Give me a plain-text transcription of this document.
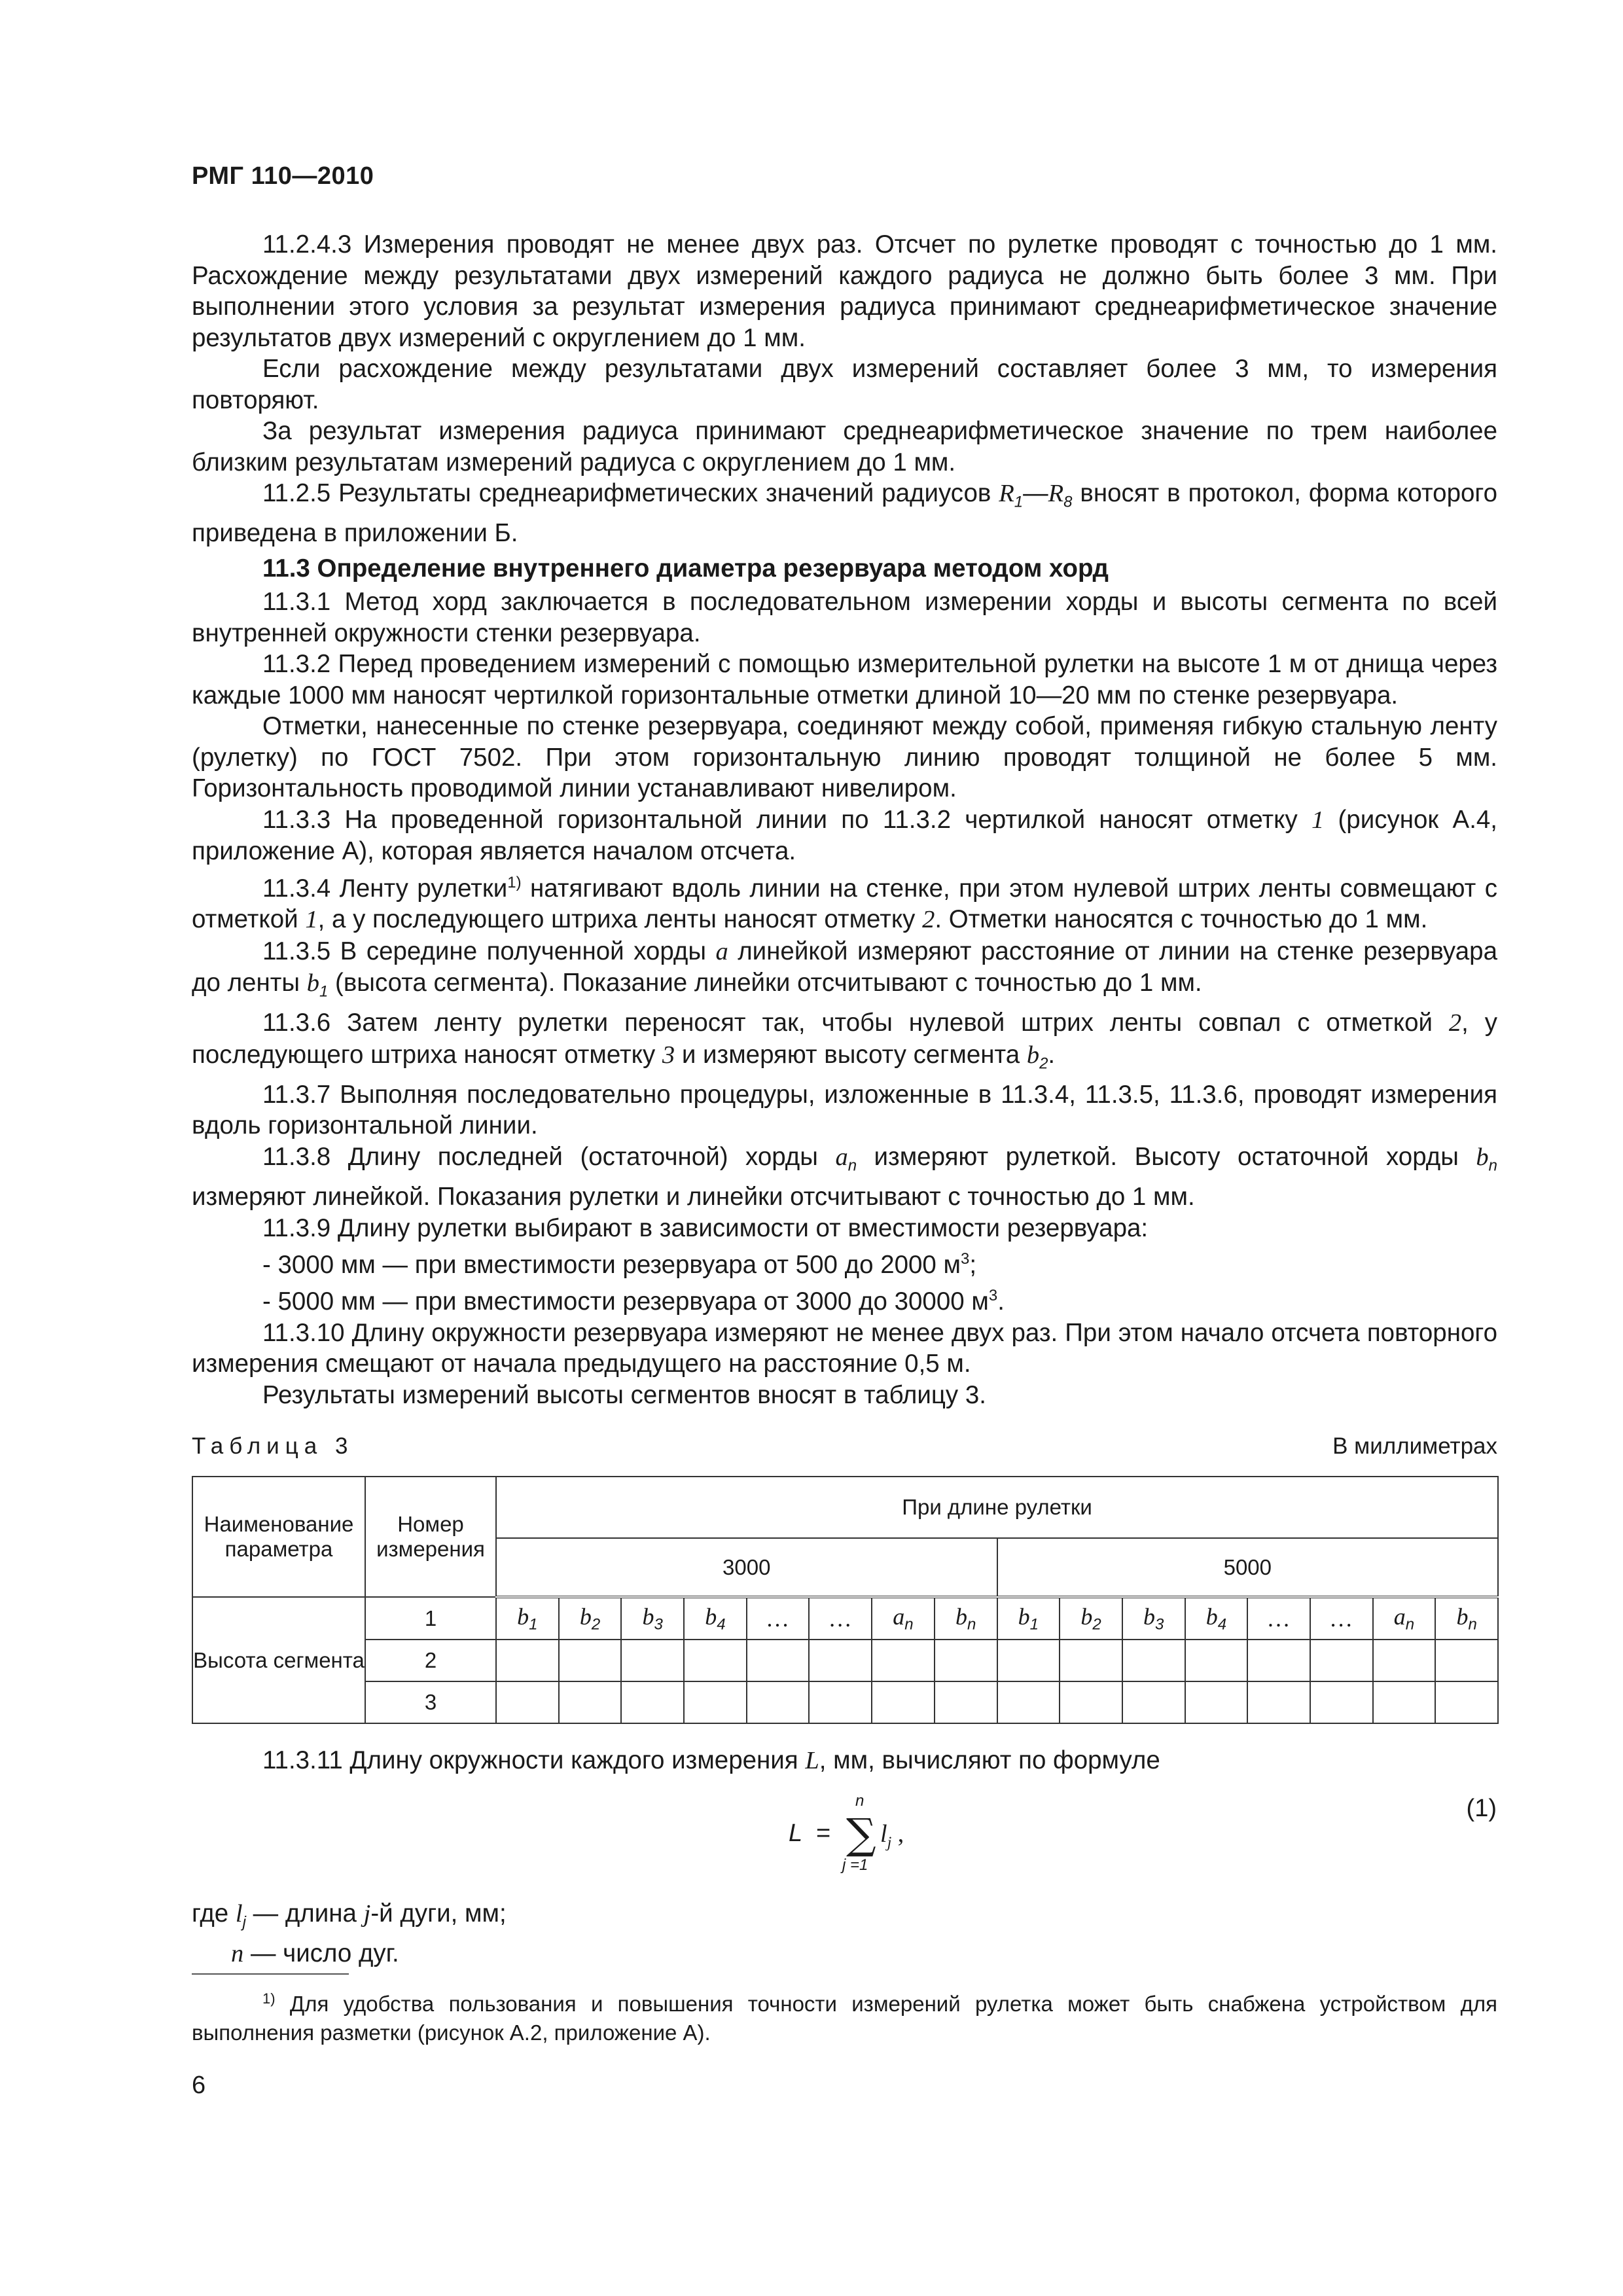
РМГ 110—2010

11.2.4.3 Измерения проводят не менее двух раз. Отсчет по рулетке проводят с точностью до 1 мм. Расхождение между результатами двух измерений каждого радиуса не должно быть более 3 мм. При выполнении этого условия за результат измерения радиуса принимают среднеарифметическое значение результатов двух измерений с округлением до 1 мм.

Если расхождение между результатами двух измерений составляет более 3 мм, то измерения повторяют.

За результат измерения радиуса принимают среднеарифметическое значение по трем наиболее близким результатам измерений радиуса с округлением до 1 мм.

11.2.5 Результаты среднеарифметических значений радиусов $R_1—R_8$ вносят в протокол, форма которого приведена в приложении Б.

11.3 Определение внутреннего диаметра резервуара методом хорд

11.3.1 Метод хорд заключается в последовательном измерении хорды и высоты сегмента по всей внутренней окружности стенки резервуара.

11.3.2 Перед проведением измерений с помощью измерительной рулетки на высоте 1 м от днища через каждые 1000 мм наносят чертилкой горизонтальные отметки длиной 10—20 мм по стенке резервуара.

Отметки, нанесенные по стенке резервуара, соединяют между собой, применяя гибкую стальную ленту (рулетку) по ГОСТ 7502. При этом горизонтальную линию проводят толщиной не более 5 мм. Горизонтальность проводимой линии устанавливают нивелиром.

11.3.3 На проведенной горизонтальной линии по 11.3.2 чертилкой наносят отметку 1 (рисунок А.4, приложение А), которая является началом отсчета.

11.3.4 Ленту рулетки$^{1)}$ натягивают вдоль линии на стенке, при этом нулевой штрих ленты совмещают с отметкой 1, а у последующего штриха ленты наносят отметку 2. Отметки наносятся с точностью до 1 мм.

11.3.5 В середине полученной хорды a линейкой измеряют расстояние от линии на стенке резервуара до ленты $b_1$ (высота сегмента). Показание линейки отсчитывают с точностью до 1 мм.

11.3.6 Затем ленту рулетки переносят так, чтобы нулевой штрих ленты совпал с отметкой 2, у последующего штриха наносят отметку 3 и измеряют высоту сегмента $b_2$.

11.3.7 Выполняя последовательно процедуры, изложенные в 11.3.4, 11.3.5, 11.3.6, проводят измерения вдоль горизонтальной линии.

11.3.8 Длину последней (остаточной) хорды $a_n$ измеряют рулеткой. Высоту остаточной хорды $b_n$ измеряют линейкой. Показания рулетки и линейки отсчитывают с точностью до 1 мм.

11.3.9 Длину рулетки выбирают в зависимости от вместимости резервуара:

- 3000 мм — при вместимости резервуара от 500 до 2000 м$^3$;

- 5000 мм — при вместимости резервуара от 3000 до 30000 м$^3$.

11.3.10 Длину окружности резервуара измеряют не менее двух раз. При этом начало отсчета повторного измерения смещают от начала предыдущего на расстояние 0,5 м.

Результаты измерений высоты сегментов вносят в таблицу 3.

Таблица 3	В миллиметрах
Наименование параметра	Номер измерения	При длине рулетки															
		3000								5000							
Высота сегмента	1	$b_1$	$b_2$	$b_3$	$b_4$	…	…	$a_n$	$b_n$	$b_1$	$b_2$	$b_3$	$b_4$	…	…	$a_n$	$b_n$
	2																
	3																
11.3.11 Длину окружности каждого измерения L, мм, вычисляют по формуле
L =
n
∑
j =1
$l_j$ ,
(1)
где $l_j$ — длина j-й дуги, мм;
n — число дуг.
$^{1)}$ Для удобства пользования и повышения точности измерений рулетка может быть снабжена устройством для выполнения разметки (рисунок А.2, приложение А).
6
